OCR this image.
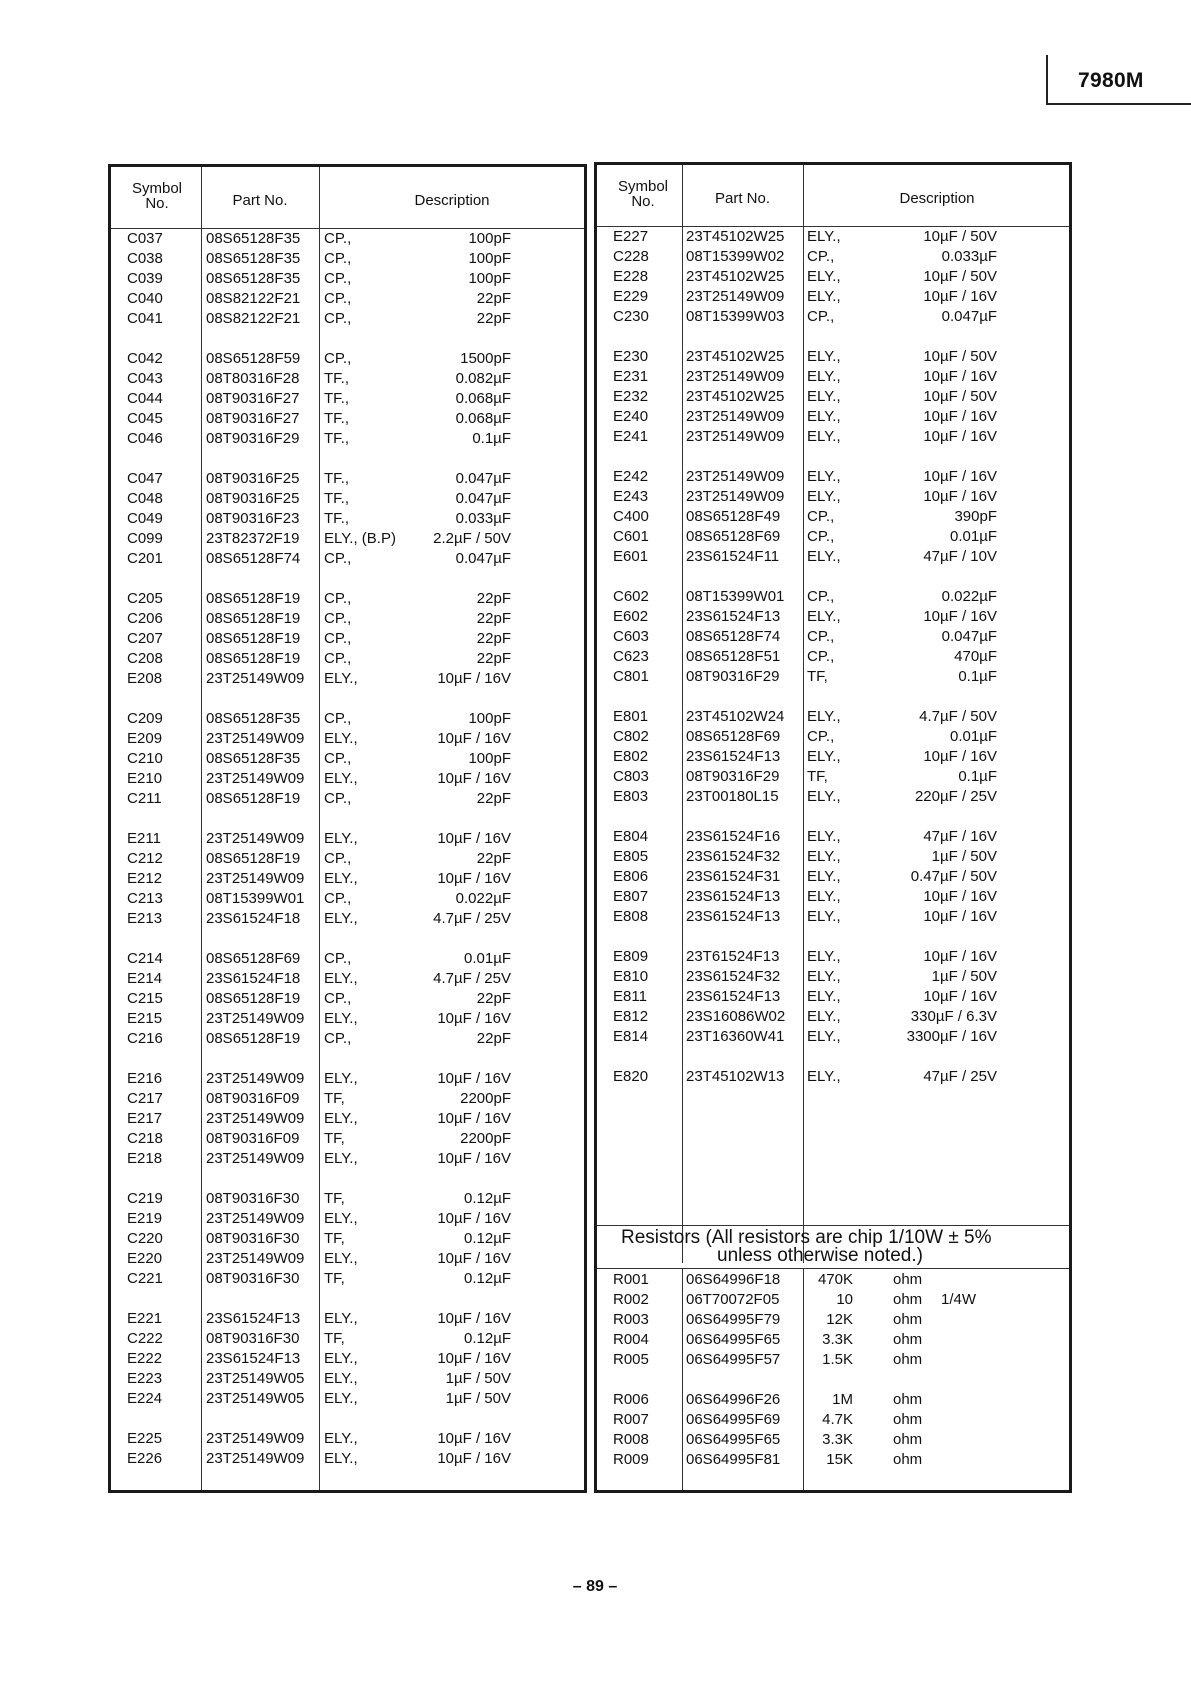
7980M
Symbol
No.	Part No.	Description
C037	08S65128F35 CP.,	100pF
C038	08S65128F35 CP.,	100pF
C039	08S65128F35 CP.,	100pF
C040	08S82122F21 CP.,	22pF
C041	08S82122F21 CP.,	22pF
C042	08S65128F59 CP.,	1500pF
C043	08T80316F28 TF.,	0.082µF
C044	08T90316F27 TF.,	0.068µF
C045	08T90316F27 TF.,	0.068µF
C046	08T90316F29 TF.,	0.1µF
C047	08T90316F25 TF.,	0.047µF
C048	08T90316F25 TF.,	0.047µF
C049	08T90316F23 TF.,	0.033µF
C099	23T82372F19 ELY., (B.P) 2.2µF / 50V
C201	08S65128F74 CP.,	0.047µF
C205	08S65128F19 CP.,	22pF
C206	08S65128F19 CP.,	22pF
C207	08S65128F19 CP.,	22pF
C208	08S65128F19 CP.,	22pF
E208	23T25149W09 ELY.,	10µF / 16V
C209	08S65128F35 CP.,	100pF
E209	23T25149W09 ELY.,	10µF / 16V
C210	08S65128F35 CP.,	100pF
E210	23T25149W09 ELY.,	10µF / 16V
C211	08S65128F19 CP.,	22pF
E211	23T25149W09 ELY.,	10µF / 16V
C212	08S65128F19 CP.,	22pF
E212	23T25149W09 ELY.,	10µF / 16V
C213	08T15399W01 CP.,	0.022µF
E213	23S61524F18 ELY.,	4.7µF / 25V
C214	08S65128F69 CP.,	0.01µF
E214	23S61524F18 ELY.,	4.7µF / 25V
C215	08S65128F19 CP.,	22pF
E215	23T25149W09 ELY.,	10µF / 16V
C216	08S65128F19 CP.,	22pF
E216	23T25149W09 ELY.,	10µF / 16V
C217	08T90316F09 TF,	2200pF
E217	23T25149W09 ELY.,	10µF / 16V
C218	08T90316F09 TF,	2200pF
E218	23T25149W09 ELY.,	10µF / 16V
C219	08T90316F30 TF,	0.12µF
E219	23T25149W09 ELY.,	10µF / 16V
C220	08T90316F30 TF,	0.12µF
E220	23T25149W09 ELY.,	10µF / 16V
C221	08T90316F30 TF,	0.12µF
E221	23S61524F13 ELY.,	10µF / 16V
C222	08T90316F30 TF,	0.12µF
E222	23S61524F13 ELY.,	10µF / 16V
E223	23T25149W05 ELY.,	1µF / 50V
E224	23T25149W05 ELY.,	1µF / 50V
E225	23T25149W09 ELY.,	10µF / 16V
E226	23T25149W09 ELY.,	10µF / 16V
Symbol
No.	Part No.	Description
E227	23T45102W25 ELY.,	10µF / 50V
C228 08T15399W02 CP.,	0.033µF
E228	23T45102W25 ELY.,	10µF / 50V
E229	23T25149W09 ELY.,	10µF / 16V
C230 08T15399W03 CP.,	0.047µF
E230	23T45102W25 ELY.,	10µF / 50V
E231	23T25149W09 ELY.,	10µF / 16V
E232	23T45102W25 ELY.,	10µF / 50V
E240	23T25149W09 ELY.,	10µF / 16V
E241	23T25149W09 ELY.,	10µF / 16V
E242	23T25149W09 ELY.,	10µF / 16V
E243	23T25149W09 ELY.,	10µF / 16V
C400 08S65128F49 CP.,	390pF
C601 08S65128F69 CP.,	0.01µF
E601	23S61524F11 ELY.,	47µF / 10V
C602 08T15399W01 CP.,	0.022µF
E602	23S61524F13 ELY.,	10µF / 16V
C603 08S65128F74 CP.,	0.047µF
C623 08S65128F51 CP.,	470µF
C801 08T90316F29 TF,	0.1µF
E801	23T45102W24 ELY.,	4.7µF / 50V
C802 08S65128F69 CP.,	0.01µF
E802	23S61524F13 ELY.,	10µF / 16V
C803 08T90316F29 TF,	0.1µF
E803	23T00180L15 ELY.,	220µF / 25V
E804	23S61524F16 ELY.,	47µF / 16V
E805	23S61524F32 ELY.,	1µF / 50V
E806	23S61524F31 ELY.,	0.47µF / 50V
E807	23S61524F13 ELY.,	10µF / 16V
E808	23S61524F13 ELY.,	10µF / 16V
E809	23T61524F13 ELY.,	10µF / 16V
E810	23S61524F32 ELY.,	1µF / 50V
E811	23S61524F13 ELY.,	10µF / 16V
E812	23S16086W02 ELY.,	330µF / 6.3V
E814	23T16360W41 ELY.,	3300µF / 16V
E820	23T45102W13 ELY.,	47µF / 25V
Resistors (All resistors are chip 1/10W ± 5%
unless otherwise noted.)
R001 06S64996F18	470K	ohm
R002 06T70072F05	10	ohm 1/4W
R003 06S64995F79	12K	ohm
R004 06S64995F65	3.3K	ohm
R005 06S64995F57	1.5K	ohm
R006 06S64996F26	1M	ohm
R007 06S64995F69	4.7K	ohm
R008 06S64995F65	3.3K	ohm
R009 06S64995F81	15K	ohm
– 89 –
